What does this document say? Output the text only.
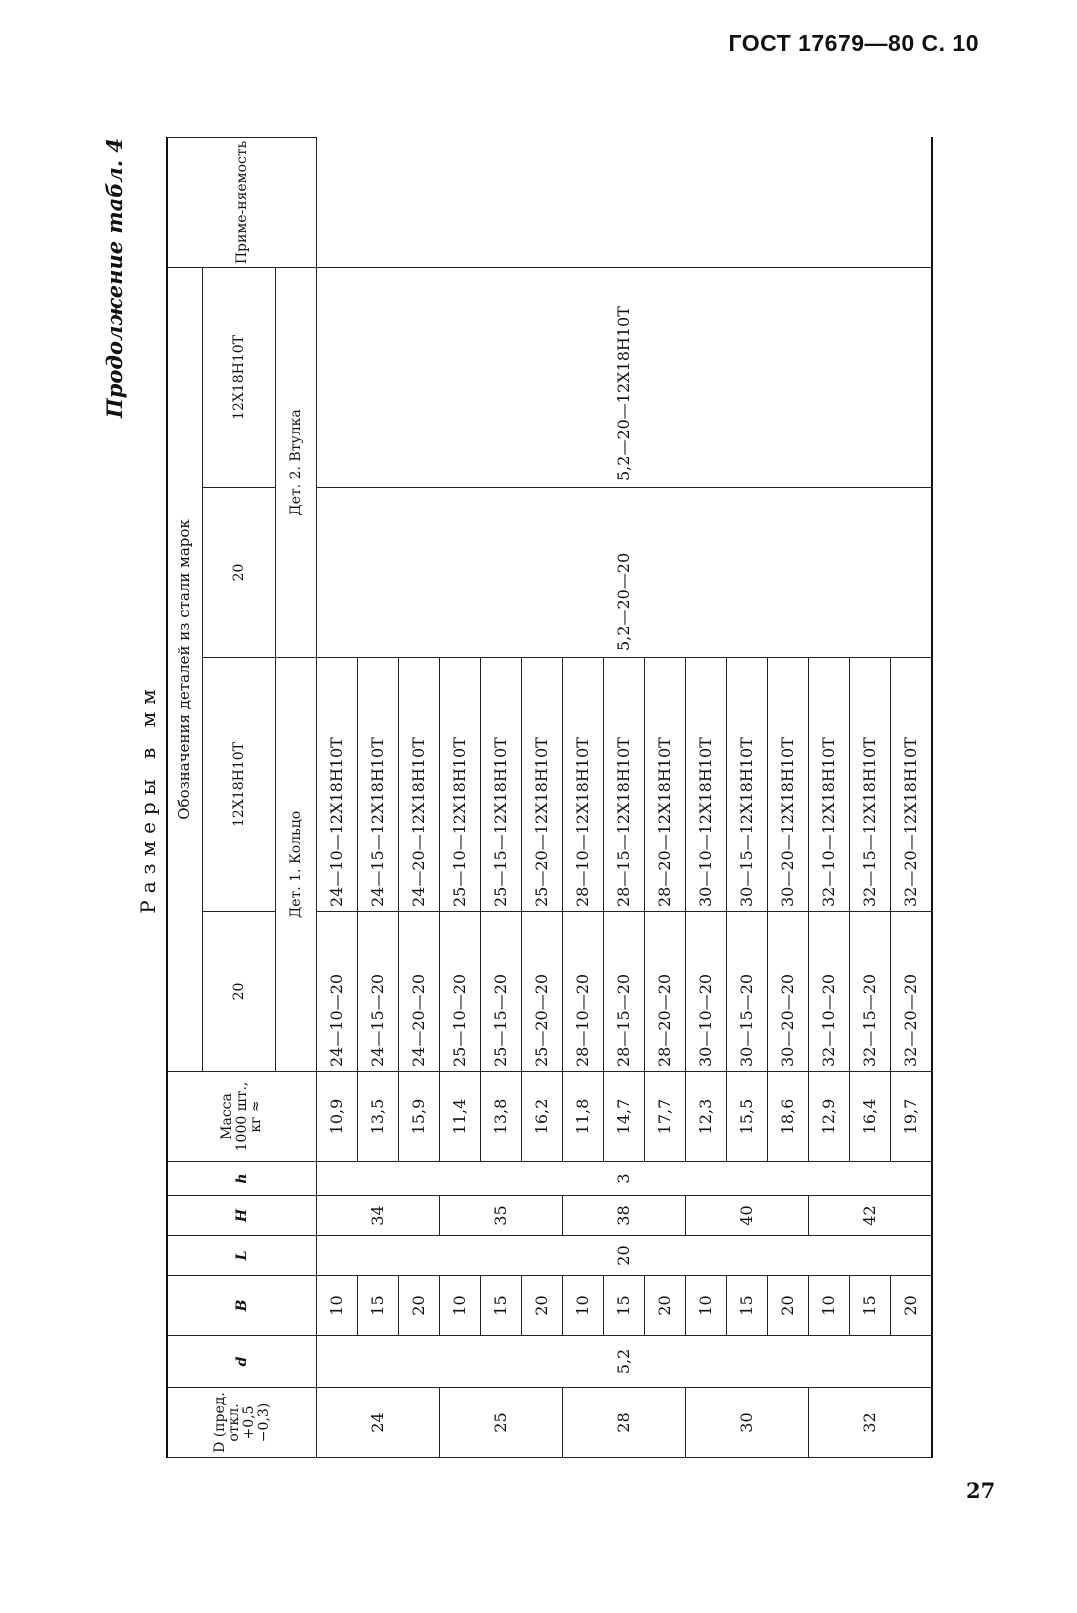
ГОСТ 17679—80 С. 10
Продолжение табл. 4
Размеры в мм
D (пред. откл. +0,5 −0,3)	d	B	L	H	h	Масса 1000 шт., кг ≈	Обозначения деталей из стали марок				Приме-няемость
							20	12Х18Н10Т	20	12Х18Н10Т	
							Дет. 1. Кольцо		Дет. 2. Втулка		
24	5,2	10	20	34	3	10,9	24—10—20	24—10—12Х18Н10Т	5,2—20—20	5,2—20—12Х18Н10Т	
		15				13,5	24—15—20	24—15—12Х18Н10Т			
		20				15,9	24—20—20	24—20—12Х18Н10Т			
25		10		35		11,4	25—10—20	25—10—12Х18Н10Т			
		15				13,8	25—15—20	25—15—12Х18Н10Т			
		20				16,2	25—20—20	25—20—12Х18Н10Т			
28		10		38		11,8	28—10—20	28—10—12Х18Н10Т			
		15				14,7	28—15—20	28—15—12Х18Н10Т			
		20				17,7	28—20—20	28—20—12Х18Н10Т			
30		10		40		12,3	30—10—20	30—10—12Х18Н10Т			
		15				15,5	30—15—20	30—15—12Х18Н10Т			
		20				18,6	30—20—20	30—20—12Х18Н10Т			
32		10		42		12,9	32—10—20	32—10—12Х18Н10Т			
		15				16,4	32—15—20	32—15—12Х18Н10Т			
		20				19,7	32—20—20	32—20—12Х18Н10Т			
27
